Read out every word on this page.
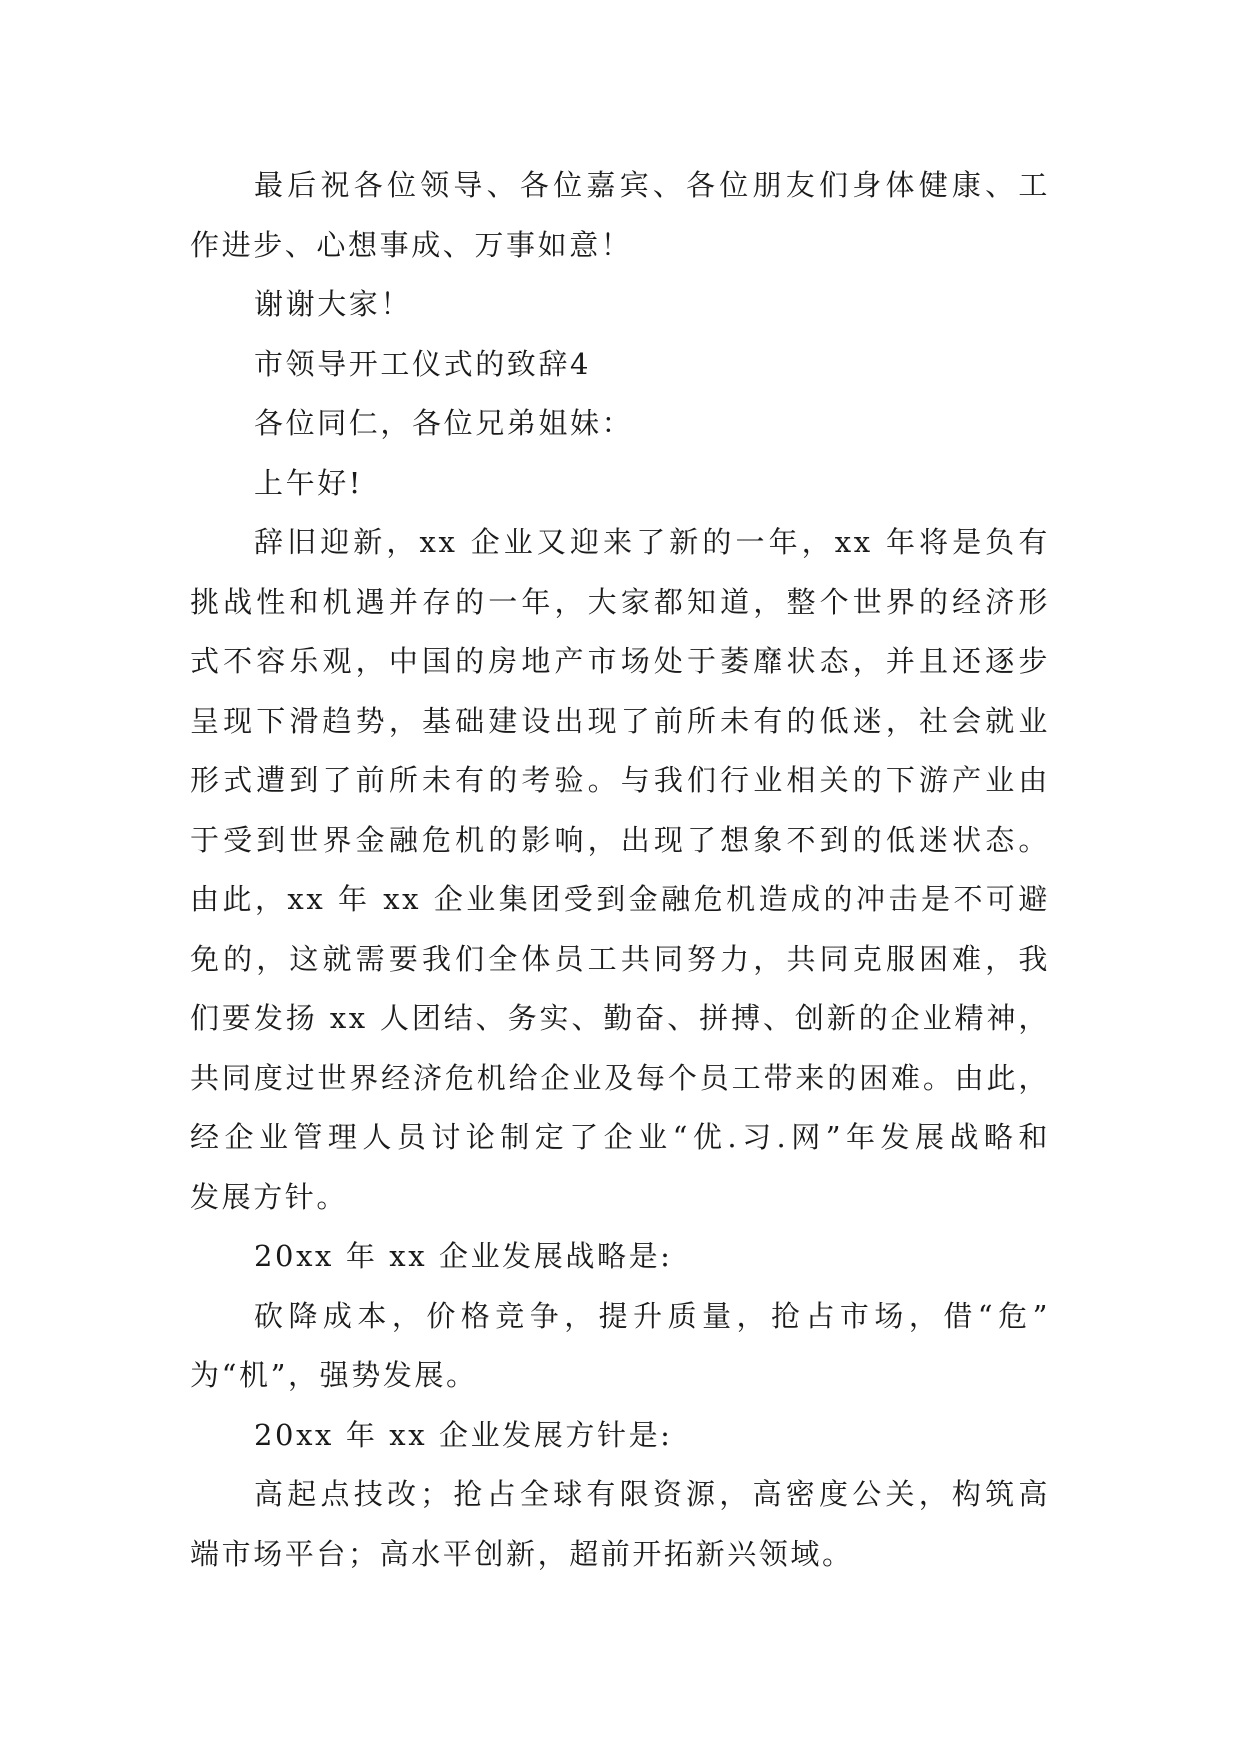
最后祝各位领导、各位嘉宾、各位朋友们身体健康、工
作进步、心想事成、万事如意！
谢谢大家！
市领导开工仪式的致辞4
各位同仁，各位兄弟姐妹：
上午好!
辞旧迎新，xx 企业又迎来了新的一年，xx 年将是负有
挑战性和机遇并存的一年，大家都知道，整个世界的经济形
式不容乐观，中国的房地产市场处于萎靡状态，并且还逐步
呈现下滑趋势，基础建设出现了前所未有的低迷，社会就业
形式遭到了前所未有的考验。与我们行业相关的下游产业由
于受到世界金融危机的影响，出现了想象不到的低迷状态。
由此，xx 年 xx 企业集团受到金融危机造成的冲击是不可避
免的，这就需要我们全体员工共同努力，共同克服困难，我
们要发扬 xx 人团结、务实、勤奋、拼搏、创新的企业精神，
共同度过世界经济危机给企业及每个员工带来的困难。由此，
经企业管理人员讨论制定了企业“优.习.网”年发展战略和
发展方针。
20xx 年 xx 企业发展战略是:
砍降成本，价格竞争，提升质量，抢占市场，借“危”
为“机”，强势发展。
20xx 年 xx 企业发展方针是:
高起点技改；抢占全球有限资源，高密度公关，构筑高
端市场平台；高水平创新，超前开拓新兴领域。
